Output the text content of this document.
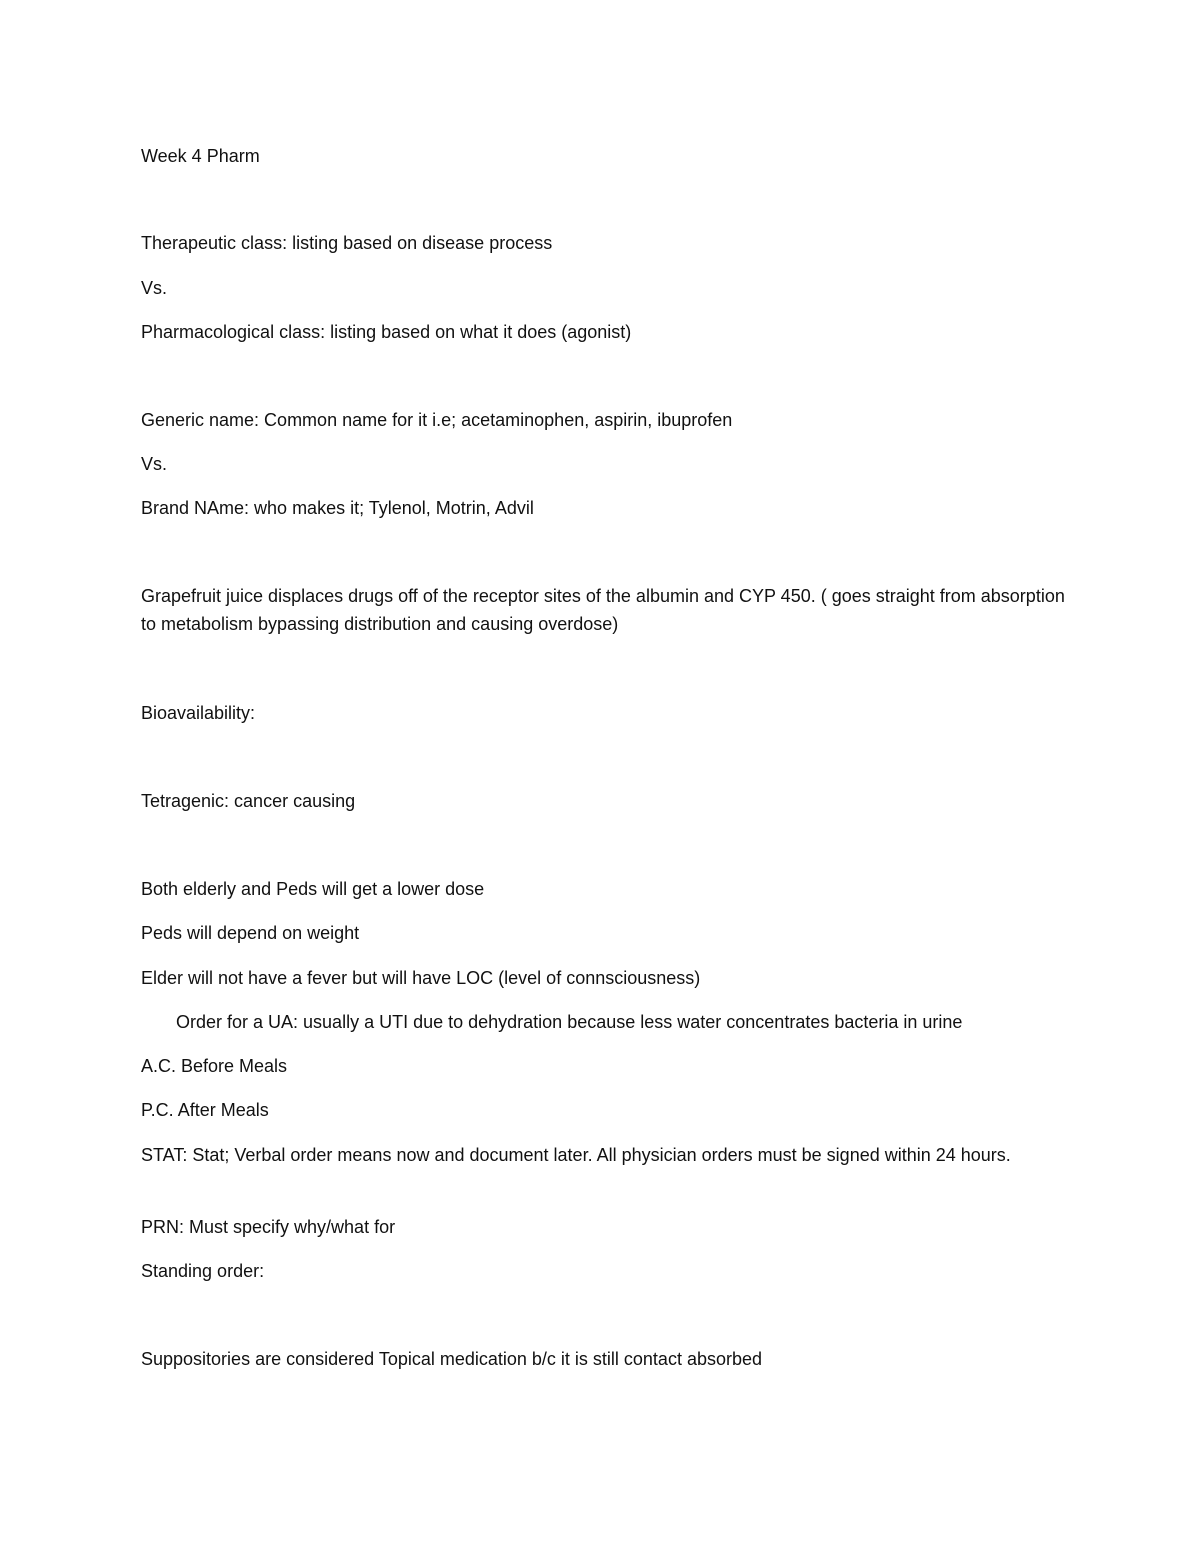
Week 4 Pharm
Therapeutic class: listing based on disease process
Vs.
Pharmacological class: listing based on what it does (agonist)
Generic name: Common name for it i.e; acetaminophen, aspirin, ibuprofen
Vs.
Brand NAme: who makes it; Tylenol, Motrin, Advil
Grapefruit juice displaces drugs off of the receptor sites of the albumin and CYP 450. ( goes straight from absorption to metabolism bypassing distribution and causing overdose)
Bioavailability:
Tetragenic: cancer causing
Both elderly and Peds will get a lower dose
Peds will depend on weight
Elder will not have a fever but will have LOC (level of connsciousness)
Order for a UA: usually a UTI due to dehydration because less water concentrates bacteria in urine
A.C. Before Meals
P.C. After Meals
STAT: Stat; Verbal order means now and document later. All physician orders must be signed within 24 hours.
PRN: Must specify why/what for
Standing order:
Suppositories are considered Topical medication b/c it is still contact absorbed
